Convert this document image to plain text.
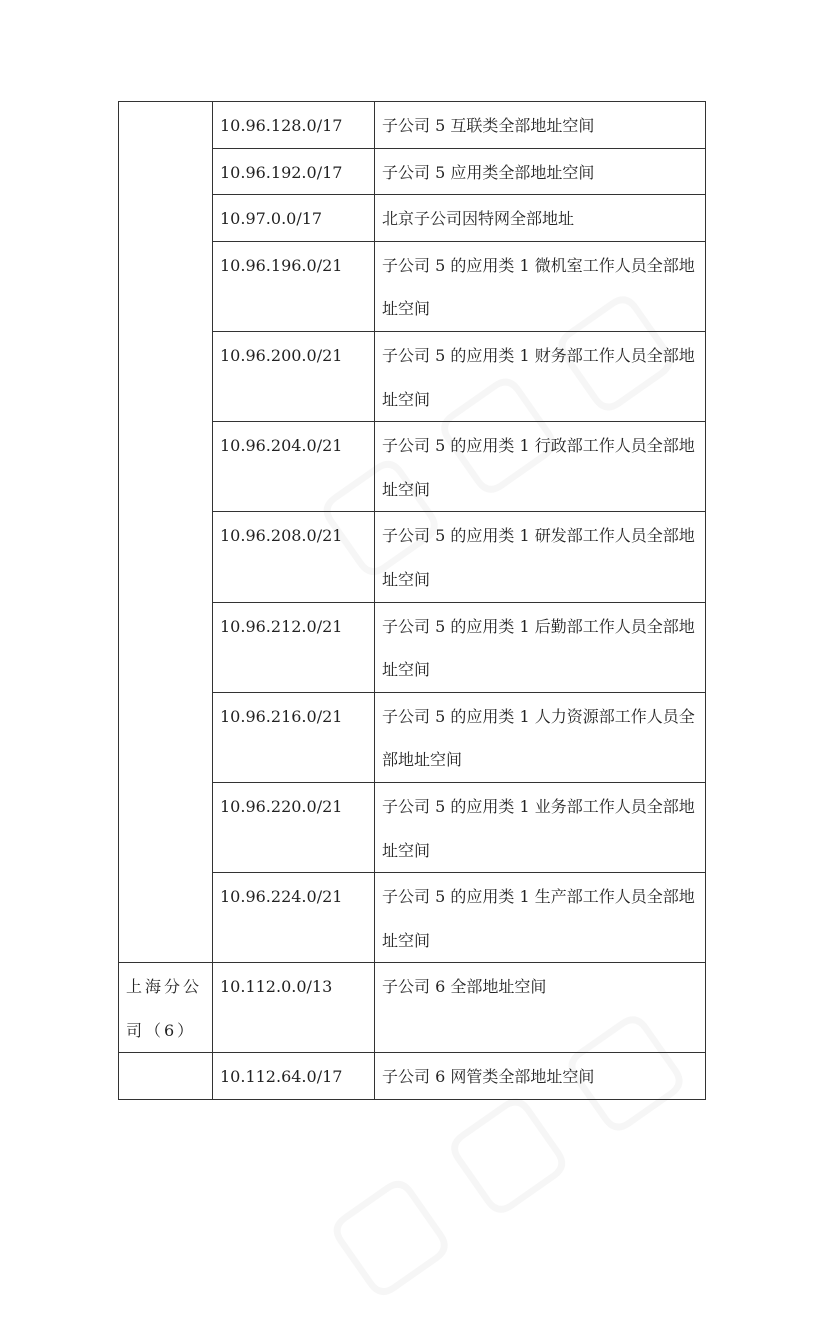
	10.96.128.0/17	子公司 5 互联类全部地址空间
	10.96.192.0/17	子公司 5 应用类全部地址空间
	10.97.0.0/17	北京子公司因特网全部地址
	10.96.196.0/21	子公司 5 的应用类 1 微机室工作人员全部地址空间
	10.96.200.0/21	子公司 5 的应用类 1 财务部工作人员全部地址空间
	10.96.204.0/21	子公司 5 的应用类 1 行政部工作人员全部地址空间
	10.96.208.0/21	子公司 5 的应用类 1 研发部工作人员全部地址空间
	10.96.212.0/21	子公司 5 的应用类 1 后勤部工作人员全部地址空间
	10.96.216.0/21	子公司 5 的应用类 1 人力资源部工作人员全部地址空间
	10.96.220.0/21	子公司 5 的应用类 1 业务部工作人员全部地址空间
	10.96.224.0/21	子公司 5 的应用类 1 生产部工作人员全部地址空间
上海分公司（6）	10.112.0.0/13	子公司 6 全部地址空间
	10.112.64.0/17	子公司 6 网管类全部地址空间
